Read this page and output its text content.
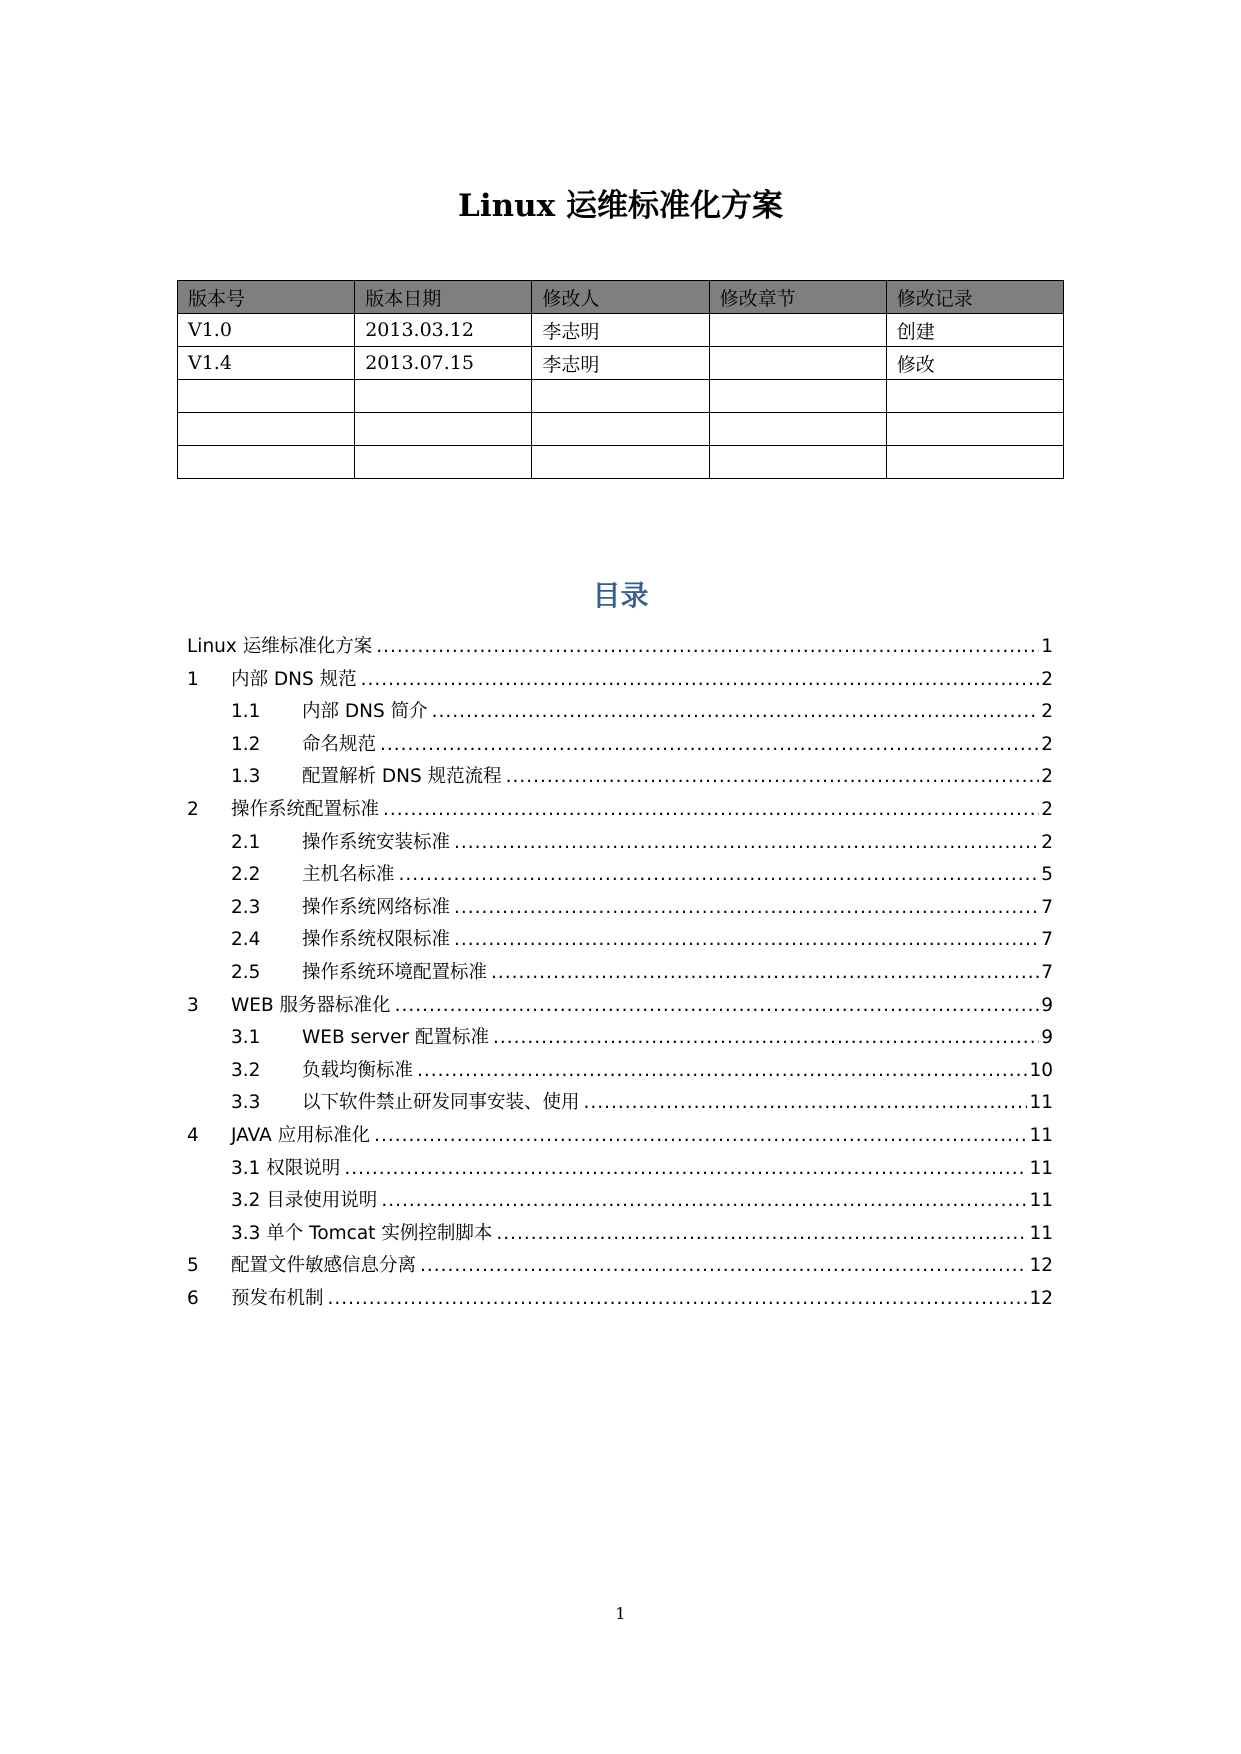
Linux 运维标准化方案
版本号	版本日期	修改人	修改章节	修改记录
V1.0	2013.03.12	李志明		创建
V1.4	2013.07.15	李志明		修改

目录
Linux 运维标准化方案 .....	1
1	内部 DNS 规范 .....	2
1.1	内部 DNS 简介 .....	2
1.2	命名规范 .....	2
1.3	配置解析 DNS 规范流程 .....	2
2	操作系统配置标准 .....	2
2.1	操作系统安装标准 .....	2
2.2	主机名标准 .....	5
2.3	操作系统网络标准 .....	7
2.4	操作系统权限标准 .....	7
2.5	操作系统环境配置标准 .....	7
3	WEB 服务器标准化 .....	9
3.1	WEB server 配置标准 .....	9
3.2	负载均衡标准 .....	10
3.3	以下软件禁止研发同事安装、使用 .....	11
4	JAVA 应用标准化 .....	11
3.1 权限说明 .....	11
3.2 目录使用说明 .....	11
3.3 单个 Tomcat 实例控制脚本 .....	11
5	配置文件敏感信息分离 .....	12
6	预发布机制 .....	12
1
